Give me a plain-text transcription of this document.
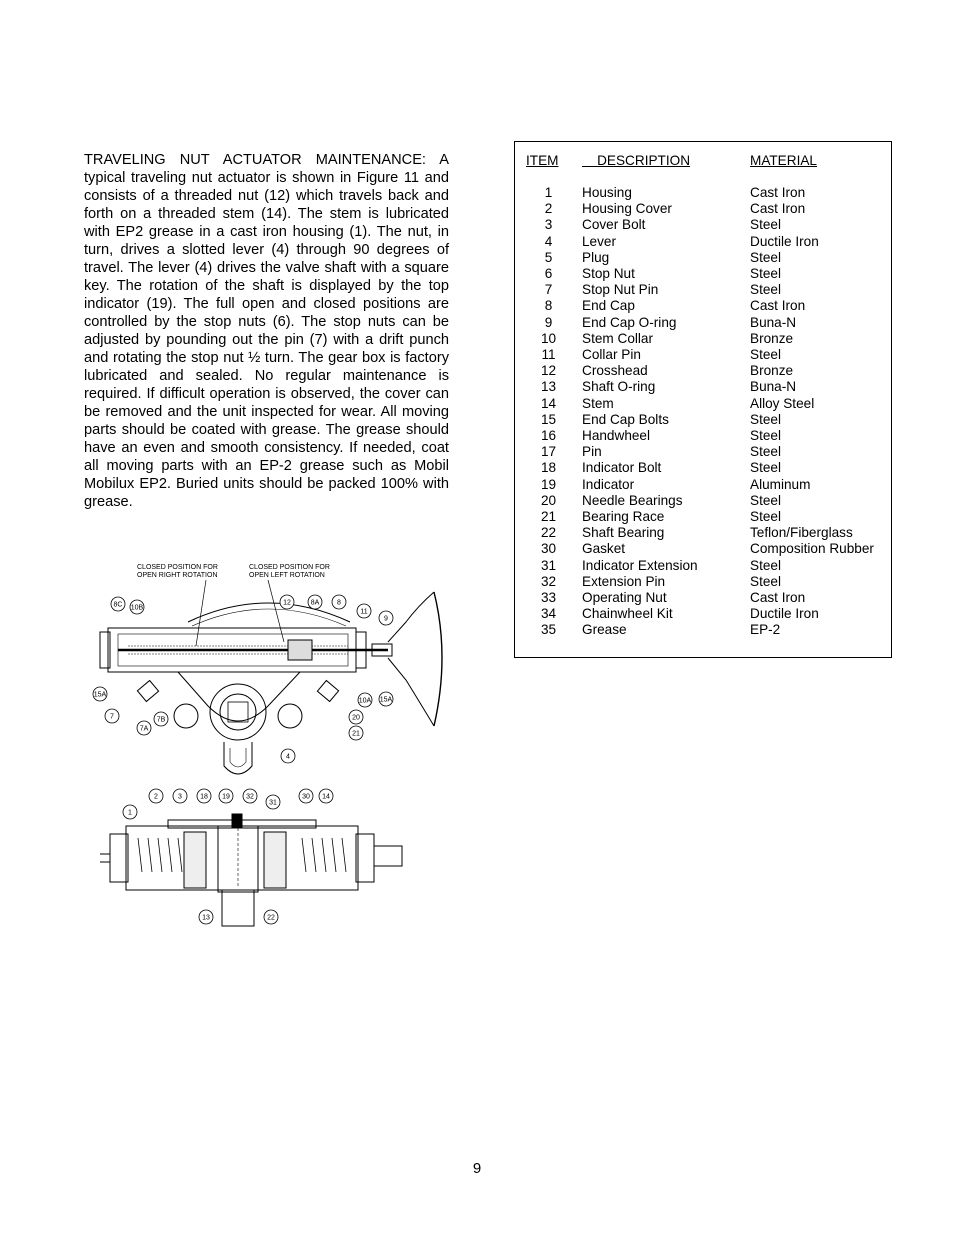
TRAVELING NUT ACTUATOR MAINTENANCE: A typical traveling nut actuator is shown in Figure 11 and consists of a threaded nut (12) which travels back and forth on a threaded stem (14). The stem is lubricated with EP2 grease in a cast iron housing (1). The nut, in turn, drives a slotted lever (4) through 90 degrees of travel. The lever (4) drives the valve shaft with a square key. The rotation of the shaft is displayed by the top indicator (19). The full open and closed positions are controlled by the stop nuts (6). The stop nuts can be adjusted by pounding out the pin (7) with a drift punch and rotating the stop nut ½ turn. The gear box is factory lubricated and sealed. No regular maintenance is required. If difficult operation is observed, the cover can be removed and the unit inspected for wear. All moving parts should be coated with grease. The grease should have an even and smooth consistency. If needed, coat all moving parts with an EP-2 grease such as Mobil Mobilux EP2. Buried units should be packed 100% with grease.

ITEM	DESCRIPTION	MATERIAL

1	Housing	Cast Iron
2	Housing Cover	Cast Iron
3	Cover Bolt	Steel
4	Lever	Ductile Iron
5	Plug	Steel
6	Stop Nut	Steel
7	Stop Nut Pin	Steel
8	End Cap	Cast Iron
9	End Cap O-ring	Buna-N
10	Stem Collar	Bronze
11	Collar Pin	Steel
12	Crosshead	Bronze
13	Shaft O-ring	Buna-N
14	Stem	Alloy Steel
15	End Cap Bolts	Steel
16	Handwheel	Steel
17	Pin	Steel
18	Indicator Bolt	Steel
19	Indicator	Aluminum
20	Needle Bearings	Steel
21	Bearing Race	Steel
22	Shaft Bearing	Teflon/Fiberglass
30	Gasket	Composition Rubber
31	Indicator Extension	Steel
32	Extension Pin	Steel
33	Operating Nut	Cast Iron
34	Chainwheel Kit	Ductile Iron
35	Grease	EP-2
CLOSED POSITION FOR
OPEN RIGHT ROTATION
CLOSED POSITION FOR
OPEN LEFT ROTATION
8C 10B
12	8A	8
11
9
15A
7
7A
7B
10A 15A
20
21
4
1
2	3	18 19 32
31
30 14
13	22
9
